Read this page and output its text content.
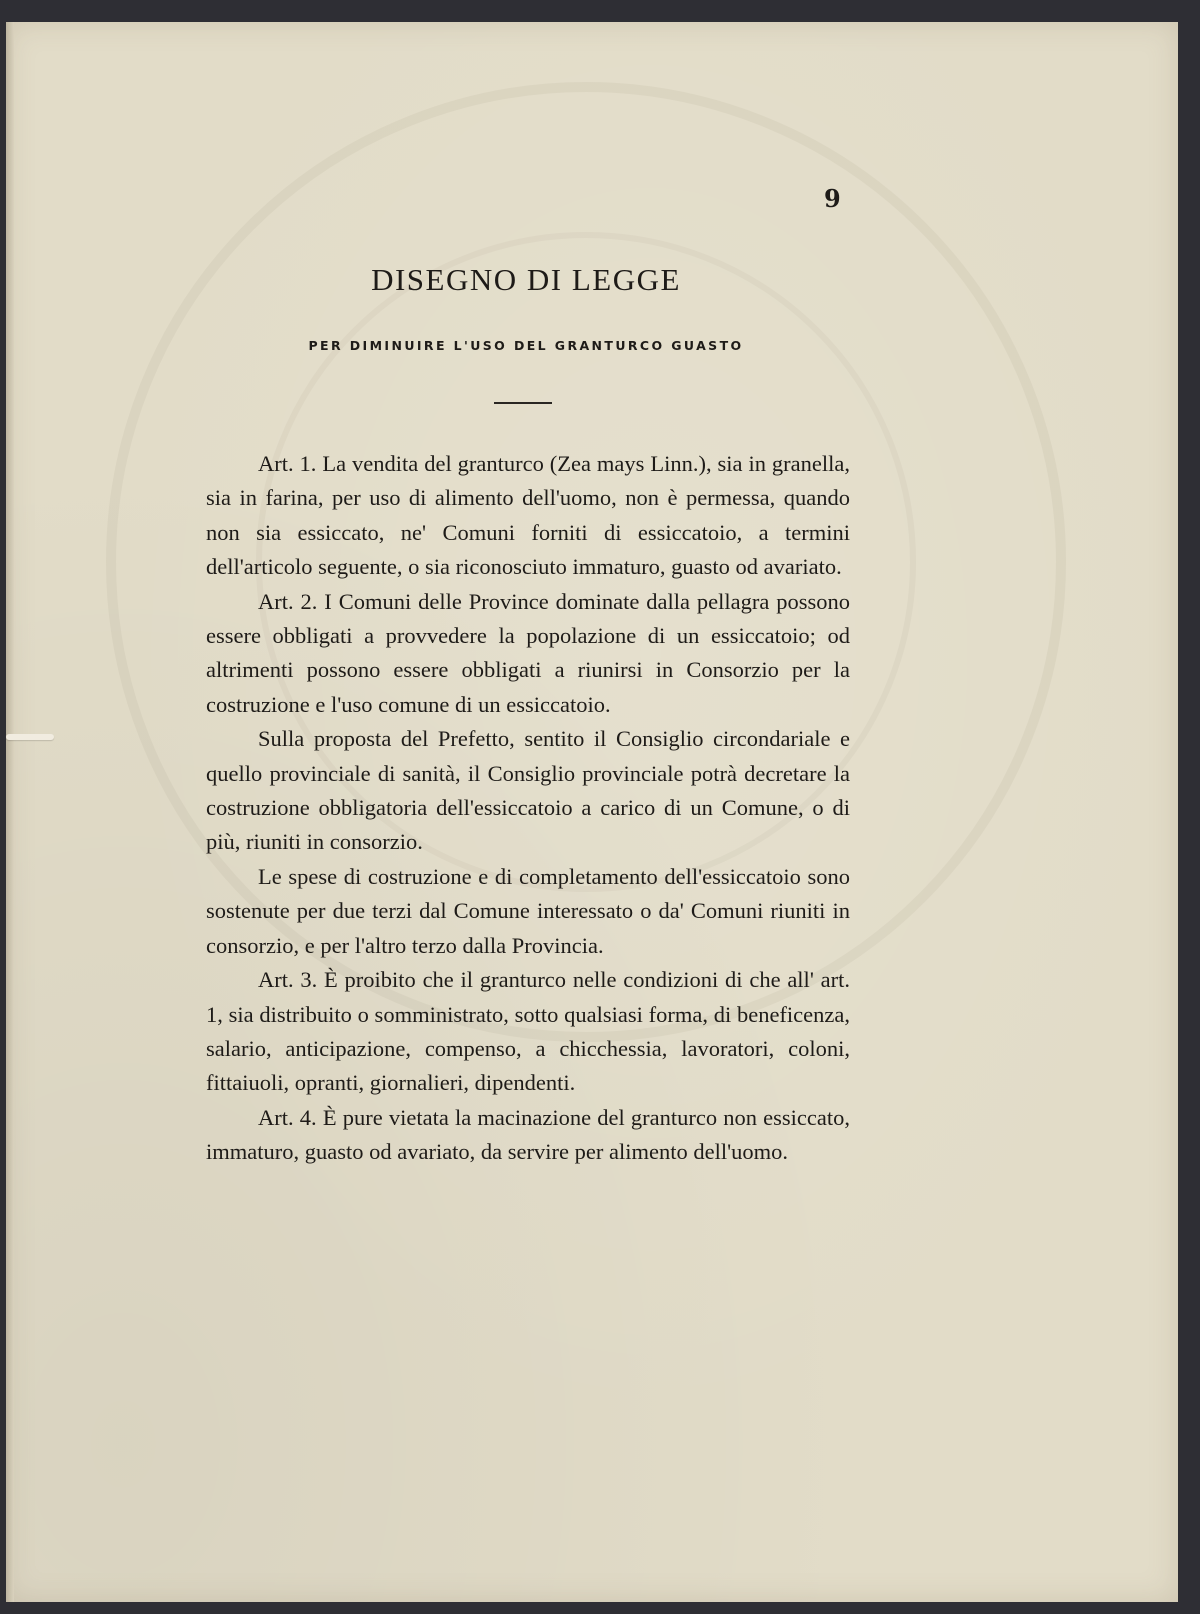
9
DISEGNO DI LEGGE
PER DIMINUIRE L'USO DEL GRANTURCO GUASTO

Art. 1. La vendita del granturco (Zea mays Linn.), sia in granella, sia in farina, per uso di alimento dell'uomo, non è permessa, quando non sia essiccato, ne' Comuni forniti di essiccatoio, a termini dell'articolo seguente, o sia riconosciuto immaturo, guasto od avariato.

Art. 2. I Comuni delle Province dominate dalla pellagra possono essere obbligati a provvedere la popolazione di un essiccatoio; od altrimenti possono essere obbligati a riunirsi in Consorzio per la costruzione e l'uso comune di un essiccatoio.

Sulla proposta del Prefetto, sentito il Consiglio circondariale e quello provinciale di sanità, il Consiglio provinciale potrà decretare la costruzione obbligatoria dell'essiccatoio a carico di un Comune, o di più, riuniti in consorzio.

Le spese di costruzione e di completamento dell'essiccatoio sono sostenute per due terzi dal Comune interessato o da' Comuni riuniti in consorzio, e per l'altro terzo dalla Provincia.

Art. 3. È proibito che il granturco nelle condizioni di che all' art. 1, sia distribuito o somministrato, sotto qualsiasi forma, di beneficenza, salario, anticipazione, compenso, a chicchessia, lavoratori, coloni, fittaiuoli, opranti, giornalieri, dipendenti.

Art. 4. È pure vietata la macinazione del granturco non essiccato, immaturo, guasto od avariato, da servire per alimento dell'uomo.
